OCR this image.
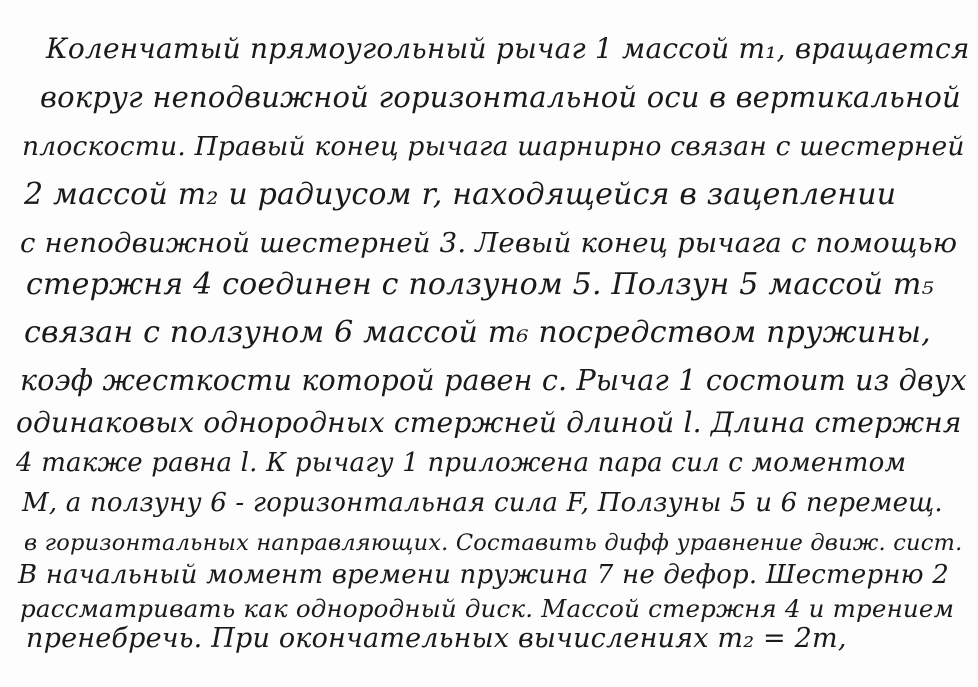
Коленчатый прямоугольный рычаг 1 массой m₁, вращается
вокруг неподвижной горизонтальной оси в вертикальной
плоскости. Правый конец рычага шарнирно связан с шестерней
2 массой m₂ и радиусом r, находящейся в зацеплении
с неподвижной шестерней 3. Левый конец рычага с помощью
стержня 4 соединен с ползуном 5. Ползун 5 массой m₅
связан с ползуном 6 массой m₆ посредством пружины,
коэф жесткости которой равен c. Рычаг 1 состоит из двух
одинаковых однородных стержней длиной l. Длина стержня
4 также равна l. К рычагу 1 приложена пара сил с моментом
M, а ползуну 6 - горизонтальная сила F, Ползуны 5 и 6 перемещ.
в горизонтальных направляющих. Составить дифф уравнение движ. сист.
В начальный момент времени пружина 7 не дефор. Шестерню 2
рассматривать как однородный диск. Массой стержня 4 и трением
пренебречь. При окончательных вычислениях m₂ = 2m,
